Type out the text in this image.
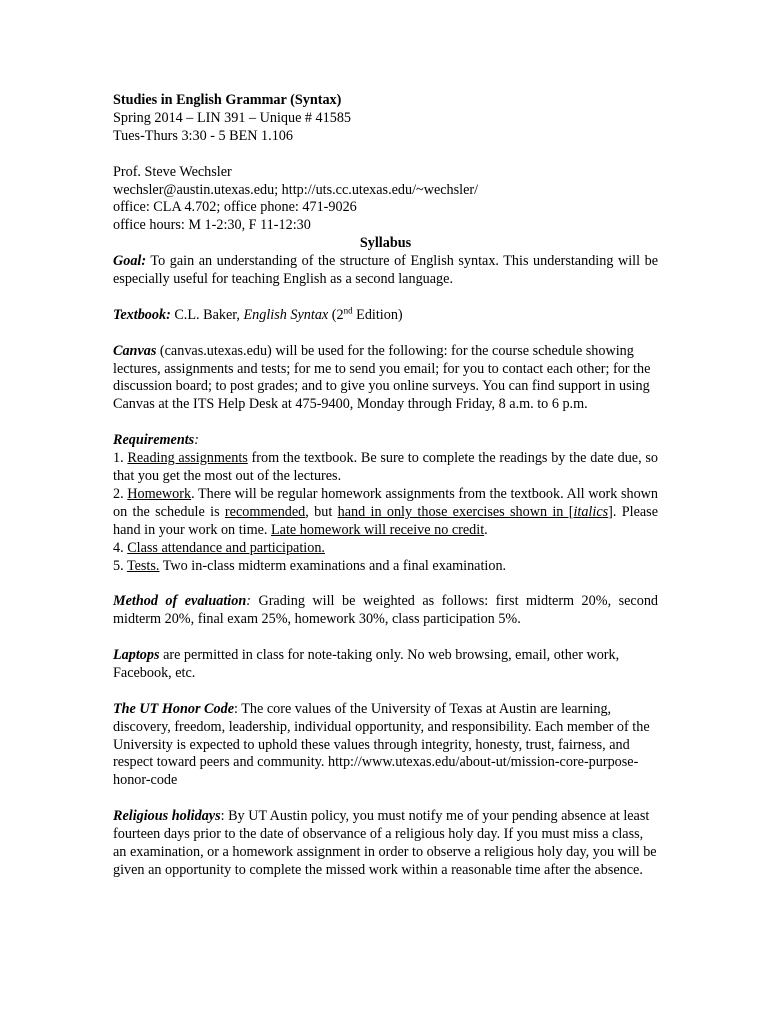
Studies in English Grammar (Syntax)
Spring 2014 – LIN 391 – Unique # 41585
Tues-Thurs 3:30 - 5 BEN 1.106
Prof. Steve Wechsler
wechsler@austin.utexas.edu; http://uts.cc.utexas.edu/~wechsler/
office: CLA 4.702; office phone: 471-9026
office hours: M 1-2:30, F 11-12:30
Syllabus

Goal: To gain an understanding of the structure of English syntax. This understanding will be especially useful for teaching English as a second language.

Textbook: C.L. Baker, English Syntax (2nd Edition)

Canvas (canvas.utexas.edu) will be used for the following: for the course schedule showing lectures, assignments and tests; for me to send you email; for you to contact each other; for the discussion board; to post grades; and to give you online surveys. You can find support in using Canvas at the ITS Help Desk at 475-9400, Monday through Friday, 8 a.m. to 6 p.m.

Requirements:

1. Reading assignments from the textbook. Be sure to complete the readings by the date due, so that you get the most out of the lectures.

2. Homework. There will be regular homework assignments from the textbook. All work shown on the schedule is recommended, but hand in only those exercises shown in [italics]. Please hand in your work on time. Late homework will receive no credit.

4. Class attendance and participation.

5. Tests. Two in-class midterm examinations and a final examination.

Method of evaluation: Grading will be weighted as follows: first midterm 20%, second midterm 20%, final exam 25%, homework 30%, class participation 5%.

Laptops are permitted in class for note-taking only. No web browsing, email, other work, Facebook, etc.

The UT Honor Code: The core values of the University of Texas at Austin are learning, discovery, freedom, leadership, individual opportunity, and responsibility. Each member of the University is expected to uphold these values through integrity, honesty, trust, fairness, and respect toward peers and community. http://www.utexas.edu/about-ut/mission-core-purpose-honor-code

Religious holidays: By UT Austin policy, you must notify me of your pending absence at least fourteen days prior to the date of observance of a religious holy day. If you must miss a class, an examination, or a homework assignment in order to observe a religious holy day, you will be given an opportunity to complete the missed work within a reasonable time after the absence.
